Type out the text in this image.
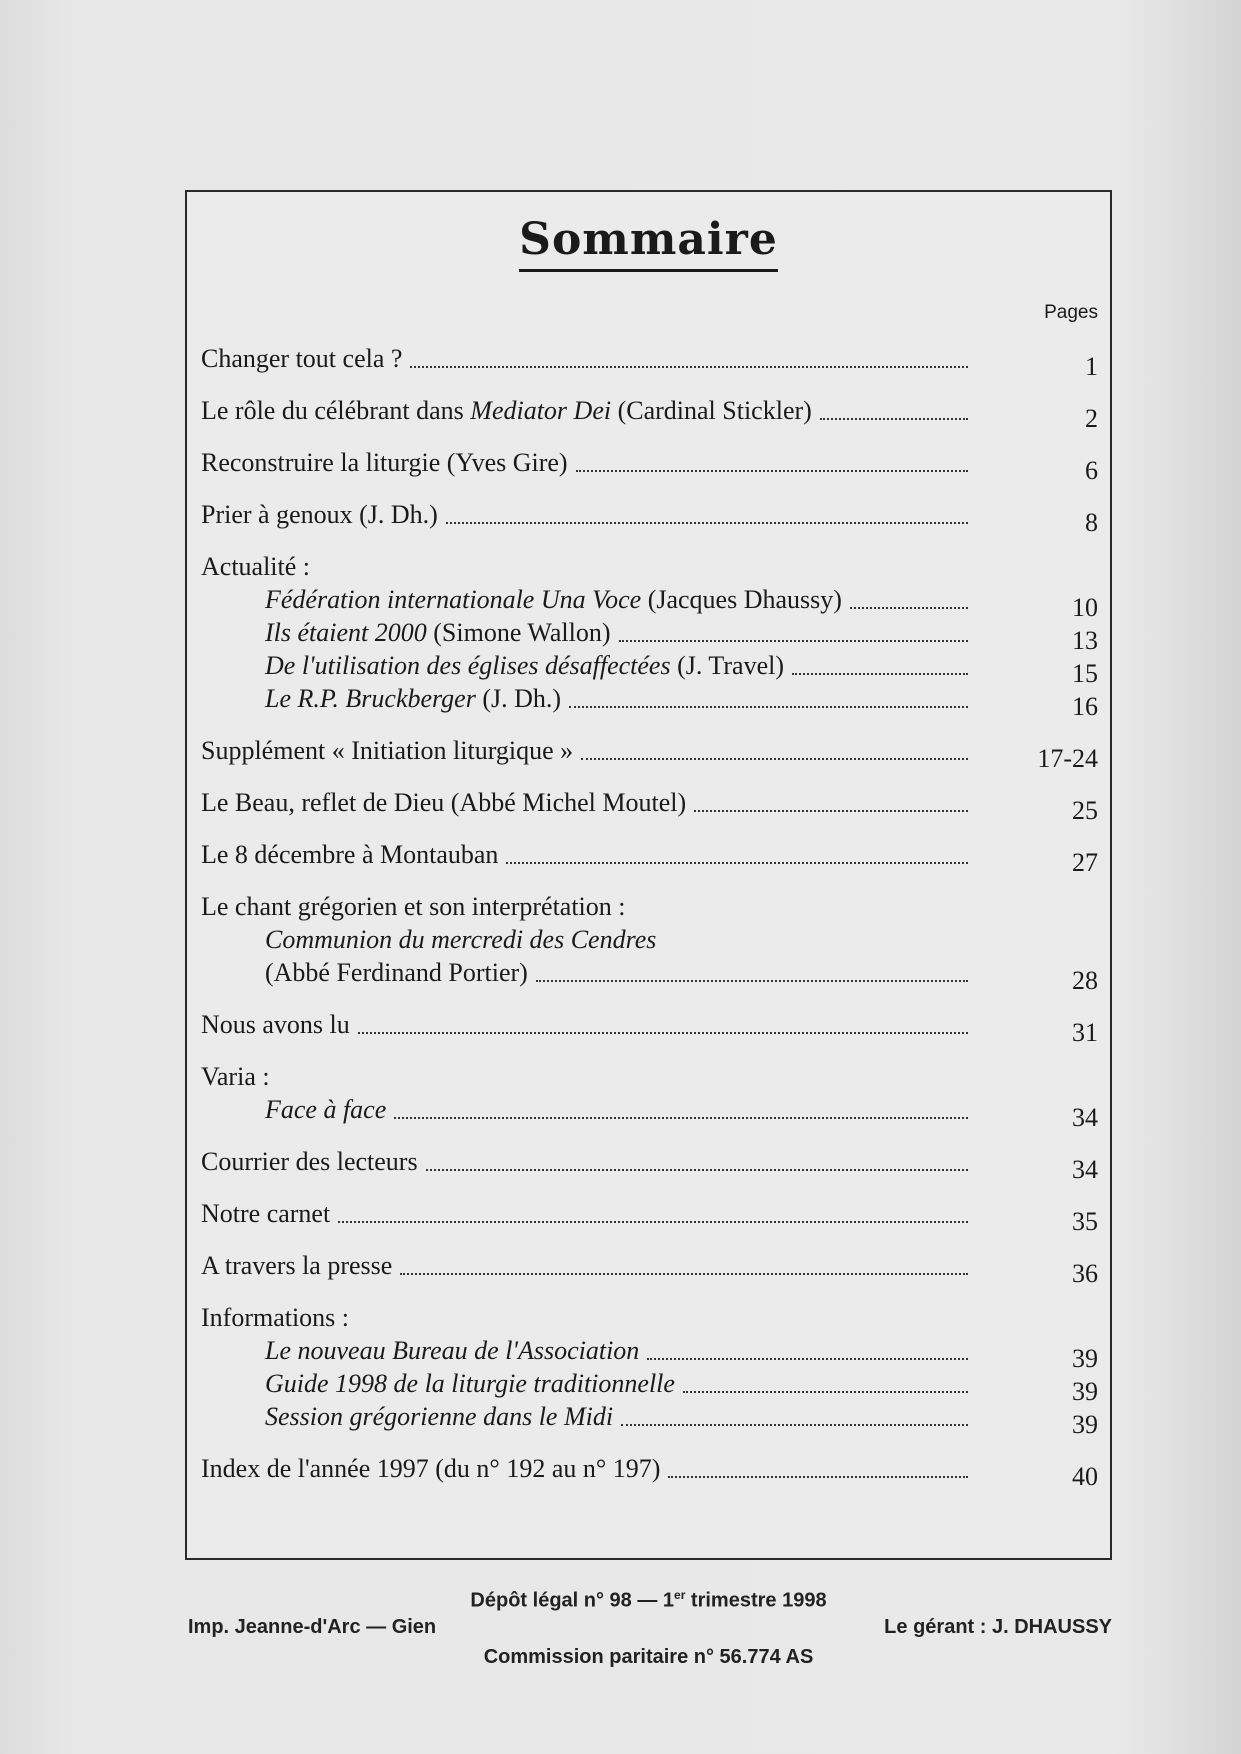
Sommaire
Pages
Changer tout cela ?	1
Le rôle du célébrant dans Mediator Dei (Cardinal Stickler)	2
Reconstruire la liturgie (Yves Gire)	6
Prier à genoux (J. Dh.)	8
Actualité :
Fédération internationale Una Voce (Jacques Dhaussy)	10
Ils étaient 2000 (Simone Wallon)	13
De l'utilisation des églises désaffectées (J. Travel)	15
Le R.P. Bruckberger (J. Dh.)	16
Supplément « Initiation liturgique »	17-24
Le Beau, reflet de Dieu (Abbé Michel Moutel)	25
Le 8 décembre à Montauban	27
Le chant grégorien et son interprétation :
Communion du mercredi des Cendres
(Abbé Ferdinand Portier)	28
Nous avons lu	31
Varia :
Face à face	34
Courrier des lecteurs	34
Notre carnet	35
A travers la presse	36
Informations :
Le nouveau Bureau de l'Association	39
Guide 1998 de la liturgie traditionnelle	39
Session grégorienne dans le Midi	39
Index de l'année 1997 (du n° 192 au n° 197)	40
Dépôt légal n° 98 — 1er trimestre 1998
Imp. Jeanne-d'Arc — Gien	Le gérant : J. DHAUSSY
Commission paritaire n° 56.774 AS
